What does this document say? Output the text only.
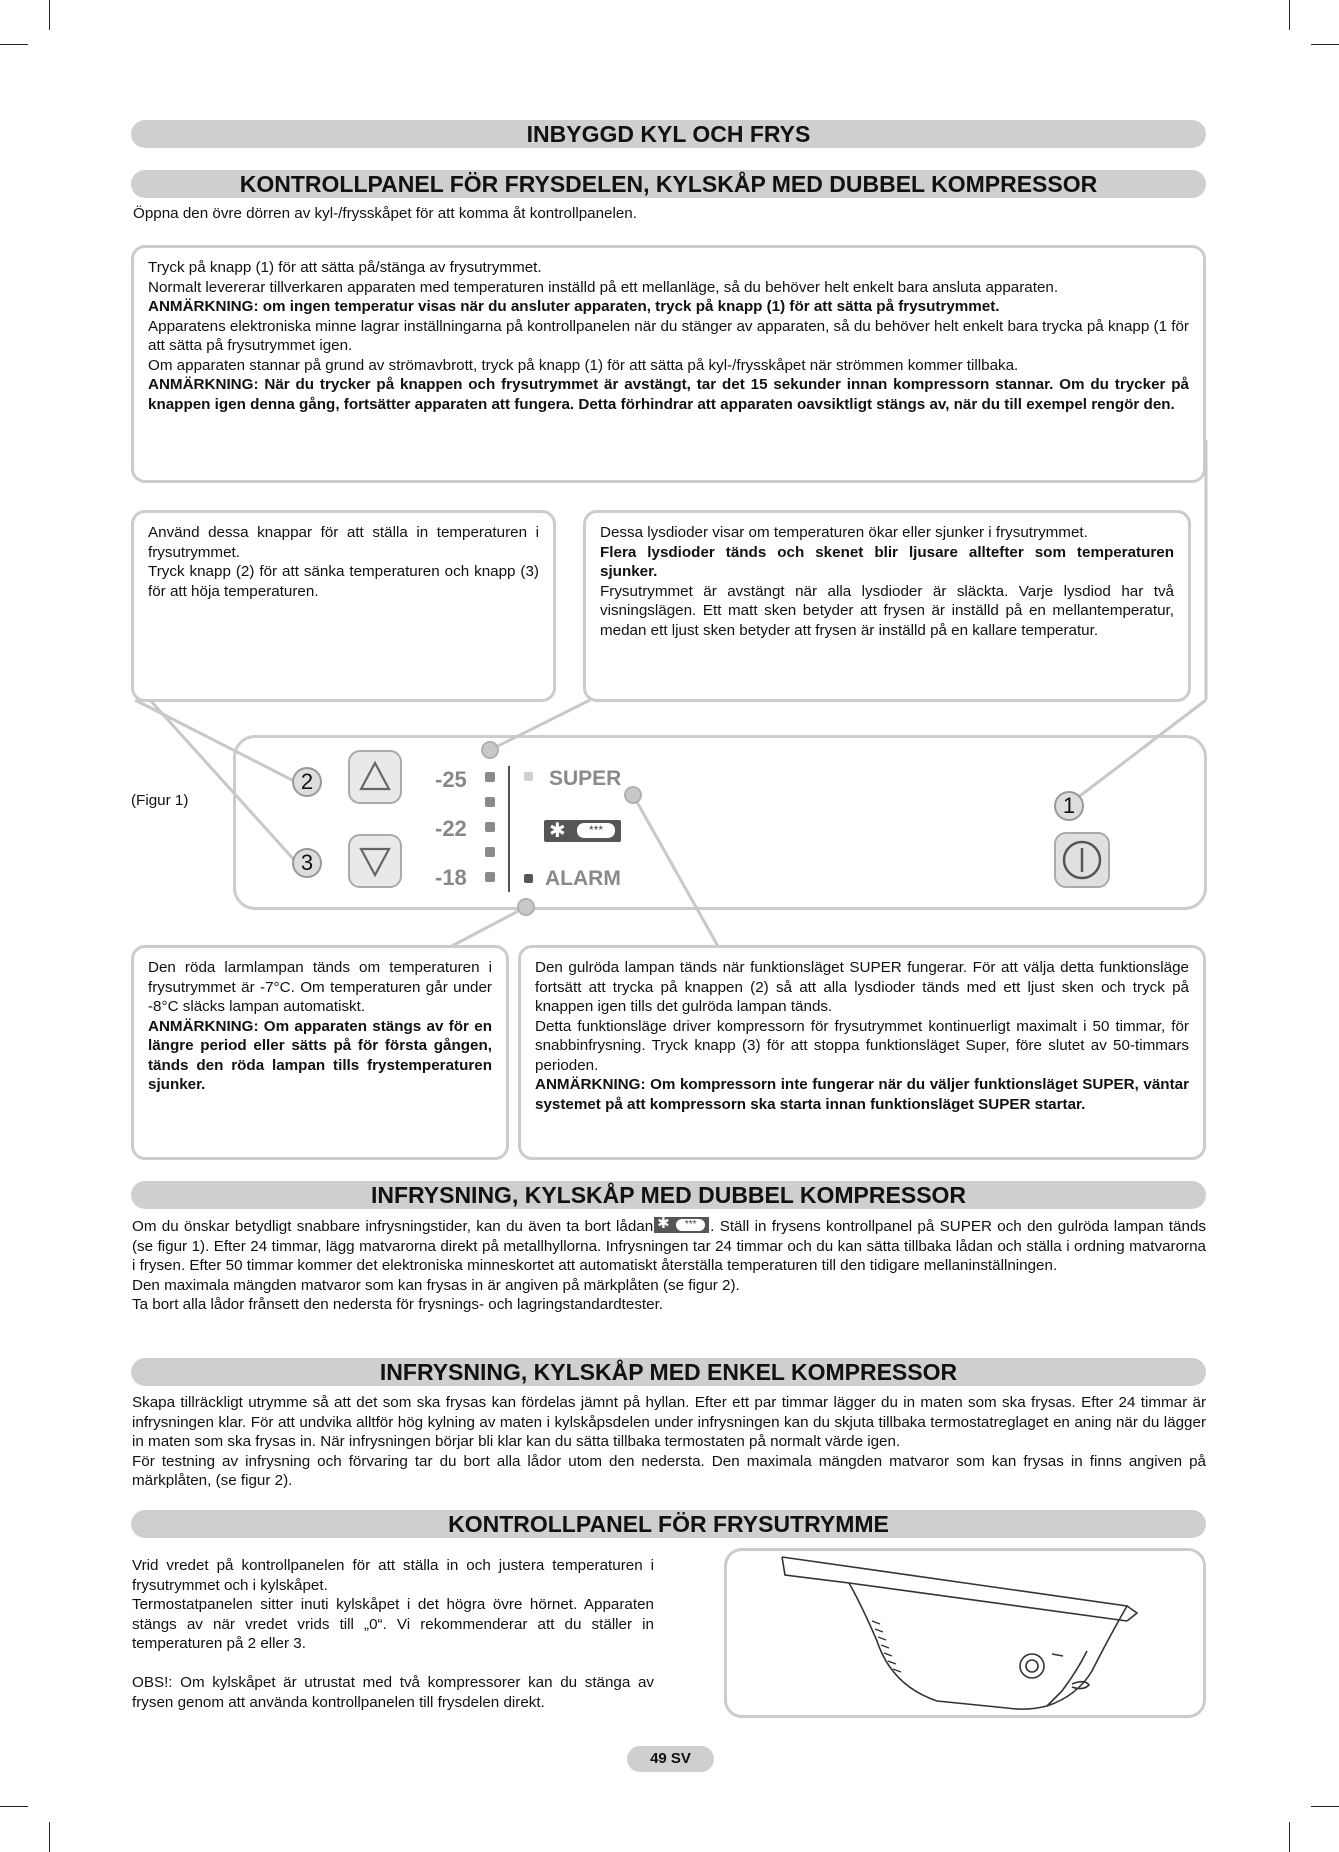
INBYGGD KYL OCH FRYS
KONTROLLPANEL FÖR FRYSDELEN, KYLSKÅP MED DUBBEL KOMPRESSOR
Öppna den övre dörren av kyl-/frysskåpet för att komma åt kontrollpanelen.
Tryck på knapp (1) för att sätta på/stänga av frysutrymmet.
Normalt levererar tillverkaren apparaten med temperaturen inställd på ett mellanläge, så du behöver helt enkelt bara ansluta apparaten.
ANMÄRKNING: om ingen temperatur visas när du ansluter apparaten, tryck på knapp (1) för att sätta på frysutrymmet.
Apparatens elektroniska minne lagrar inställningarna på kontrollpanelen när du stänger av apparaten, så du behöver helt enkelt bara trycka på knapp (1 för att sätta på frysutrymmet igen.
Om apparaten stannar på grund av strömavbrott, tryck på knapp (1) för att sätta på kyl-/frysskåpet när strömmen kommer tillbaka.
ANMÄRKNING: När du trycker på knappen och frysutrymmet är avstängt, tar det 15 sekunder innan kompressorn stannar. Om du trycker på knappen igen denna gång, fortsätter apparaten att fungera. Detta förhindrar att apparaten oavsiktligt stängs av, när du till exempel rengör den.
Använd dessa knappar för att ställa in temperaturen i frysutrymmet.
Tryck knapp (2) för att sänka temperaturen och knapp (3) för att höja temperaturen.
Dessa lysdioder visar om temperaturen ökar eller sjunker i frysutrymmet.
Flera lysdioder tänds och skenet blir ljusare alltefter som temperaturen sjunker.
Frysutrymmet är avstängt när alla lysdioder är släckta. Varje lysdiod har två visningslägen. Ett matt sken betyder att frysen är inställd på en mellantemperatur, medan ett ljust sken betyder att frysen är inställd på en kallare temperatur.
(Figur 1)
2
3
1
-25
-22
-18
SUPER
✱	***
ALARM
Den röda larmlampan tänds om temperaturen i frysutrymmet är -7°C. Om temperaturen går under -8°C släcks lampan automatiskt.
ANMÄRKNING: Om apparaten stängs av för en längre period eller sätts på för första gången, tänds den röda lampan tills frystemperaturen sjunker.
Den gulröda lampan tänds när funktionsläget SUPER fungerar. För att välja detta funktionsläge fortsätt att trycka på knappen (2) så att alla lysdioder tänds med ett ljust sken och tryck på knappen igen tills det gulröda lampan tänds.
Detta funktionsläge driver kompressorn för frysutrymmet kontinuerligt maximalt i 50 timmar, för snabbinfrysning. Tryck knapp (3) för att stoppa funktionsläget Super, före slutet av 50-timmars perioden.
ANMÄRKNING: Om kompressorn inte fungerar när du väljer funktionsläget SUPER, väntar systemet på att kompressorn ska starta innan funktionsläget SUPER startar.
INFRYSNING, KYLSKÅP MED DUBBEL KOMPRESSOR
Om du önskar betydligt snabbare infrysningstider, kan du även ta bort lådan ✱	*** . Ställ in frysens kontrollpanel på SUPER och den gulröda lampan tänds (se figur 1). Efter 24 timmar, lägg matvarorna direkt på metallhyllorna. Infrysningen tar 24 timmar och du kan sätta tillbaka lådan och ställa i ordning matvarorna i frysen. Efter 50 timmar kommer det elektroniska minneskortet att automatiskt återställa temperaturen till den tidigare mellaninställningen.
Den maximala mängden matvaror som kan frysas in är angiven på märkplåten (se figur 2).
Ta bort alla lådor frånsett den nedersta för frysnings- och lagringstandardtester.
INFRYSNING, KYLSKÅP MED ENKEL KOMPRESSOR
Skapa tillräckligt utrymme så att det som ska frysas kan fördelas jämnt på hyllan. Efter ett par timmar lägger du in maten som ska frysas. Efter 24 timmar är infrysningen klar. För att undvika alltför hög kylning av maten i kylskåpsdelen under infrysningen kan du skjuta tillbaka termostatreglaget en aning när du lägger in maten som ska frysas in. När infrysningen börjar bli klar kan du sätta tillbaka termostaten på normalt värde igen.
För testning av infrysning och förvaring tar du bort alla lådor utom den nedersta. Den maximala mängden matvaror som kan frysas in finns angiven på märkplåten, (se figur 2).
KONTROLLPANEL FÖR FRYSUTRYMME
Vrid vredet på kontrollpanelen för att ställa in och justera temperaturen i frysutrymmet och i kylskåpet.
Termostatpanelen sitter inuti kylskåpet i det högra övre hörnet. Apparaten stängs av när vredet vrids till „0“. Vi rekommenderar att du ställer in temperaturen på 2 eller 3.
OBS!: Om kylskåpet är utrustat med två kompressorer kan du stänga av frysen genom att använda kontrollpanelen till frysdelen direkt.
49 SV
